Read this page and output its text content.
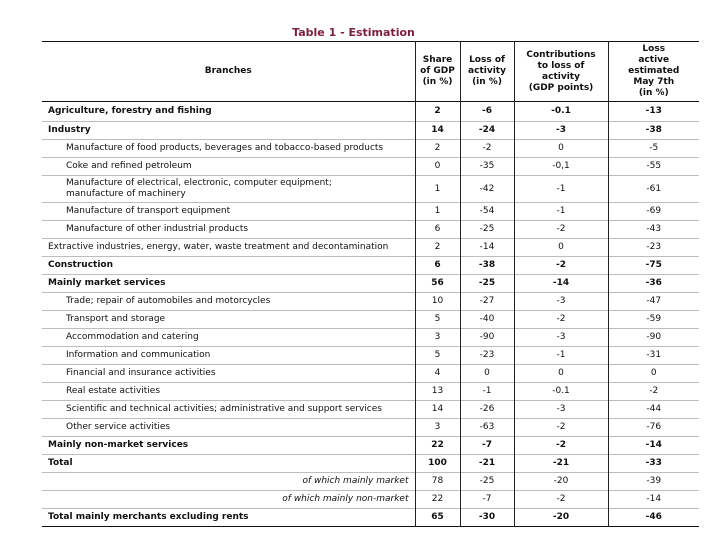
Table 1 - Estimation
Branches	Share
of GDP
(in %)	Loss of
activity
(in %)	Contributions
to loss of
activity
(GDP points)	Loss
active
estimated
May 7th
(in %)
Agriculture, forestry and fishing	2	-6	-0.1	-13
Industry	14	-24	-3	-38
Manufacture of food products, beverages and tobacco-based products	2	-2	0	-5
Coke and refined petroleum	0	-35	-0,1	-55
Manufacture of electrical, electronic, computer equipment; manufacture of machinery	1	-42	-1	-61
Manufacture of transport equipment	1	-54	-1	-69
Manufacture of other industrial products	6	-25	-2	-43
Extractive industries, energy, water, waste treatment and decontamination	2	-14	0	-23
Construction	6	-38	-2	-75
Mainly market services	56	-25	-14	-36
Trade; repair of automobiles and motorcycles	10	-27	-3	-47
Transport and storage	5	-40	-2	-59
Accommodation and catering	3	-90	-3	-90
Information and communication	5	-23	-1	-31
Financial and insurance activities	4	0	0	0
Real estate activities	13	-1	-0.1	-2
Scientific and technical activities; administrative and support services	14	-26	-3	-44
Other service activities	3	-63	-2	-76
Mainly non-market services	22	-7	-2	-14
Total	100	-21	-21	-33
of which mainly market	78	-25	-20	-39
of which mainly non-market	22	-7	-2	-14
Total mainly merchants excluding rents	65	-30	-20	-46
